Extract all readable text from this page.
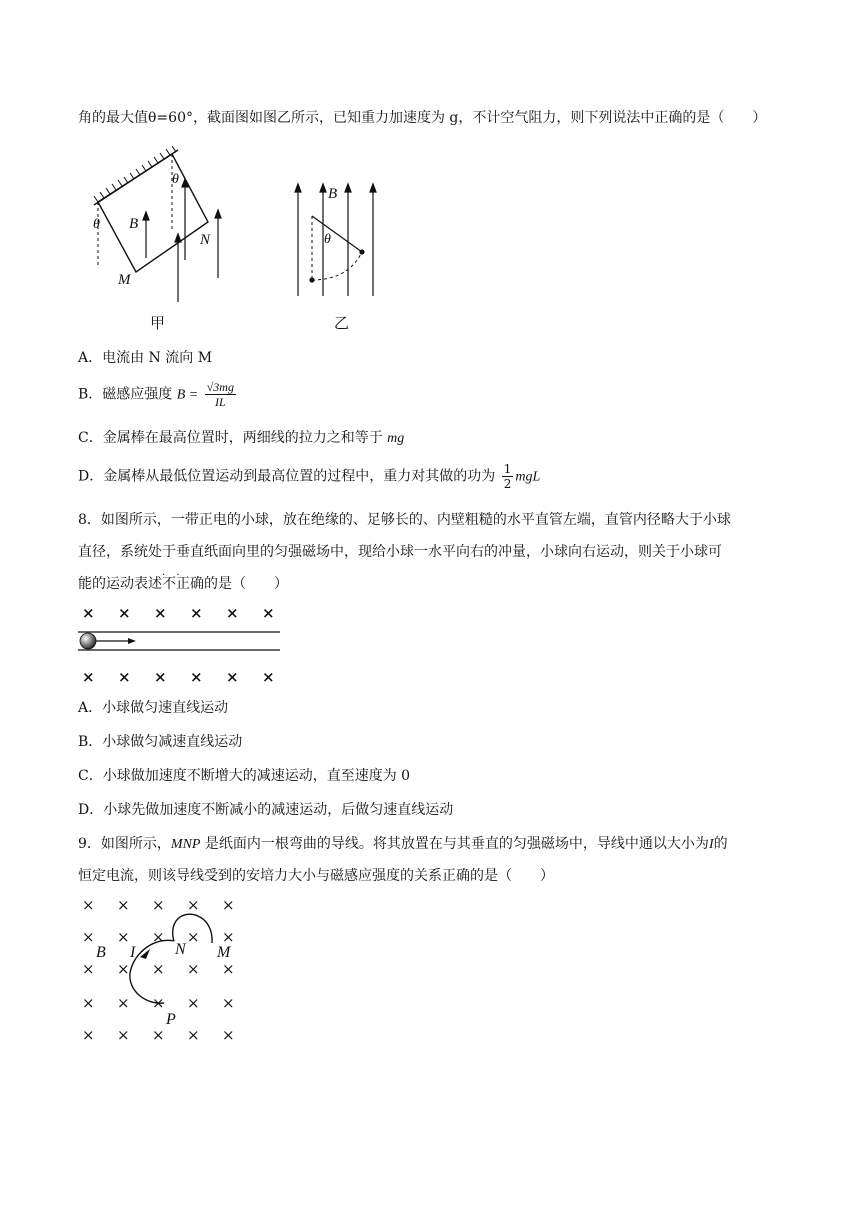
角的最大值θ=60°，截面图如图乙所示，已知重力加速度为 g，不计空气阻力，则下列说法中正确的是（　　）
θ
θ
B
N
M
甲
B
θ
乙
A．电流由 N 流向 M
B．磁感应强度 $B = \frac{√3mg}{IL}$
C．金属棒在最高位置时，两细线的拉力之和等于 mg
D．金属棒从最低位置运动到最高位置的过程中，重力对其做的功为 $\frac{1}{2}$ mgL
8．如图所示，一带正电的小球，放在绝缘的、足够长的、内壁粗糙的水平直管左端，直管内径略大于小球
直径，系统处于垂直纸面向里的匀强磁场中，现给小球一水平向右的冲量，小球向右运动，则关于小球可
能的运动表述不正确 · ·的是（　　）
× × × × × ×
× × × × × ×
A．小球做匀速直线运动
B．小球做匀减速直线运动
C．小球做加速度不断增大的减速运动，直至速度为 0
D．小球先做加速度不断减小的减速运动，后做匀速直线运动
9．如图所示，MNP 是纸面内一根弯曲的导线。将其放置在与其垂直的匀强磁场中，导线中通以大小为I的
恒定电流，则该导线受到的安培力大小与磁感应强度的关系正确的是（　　）
× × × × ×
× × × × ×
× × × × ×
× × × × ×
× × × × ×
B I N M
P
